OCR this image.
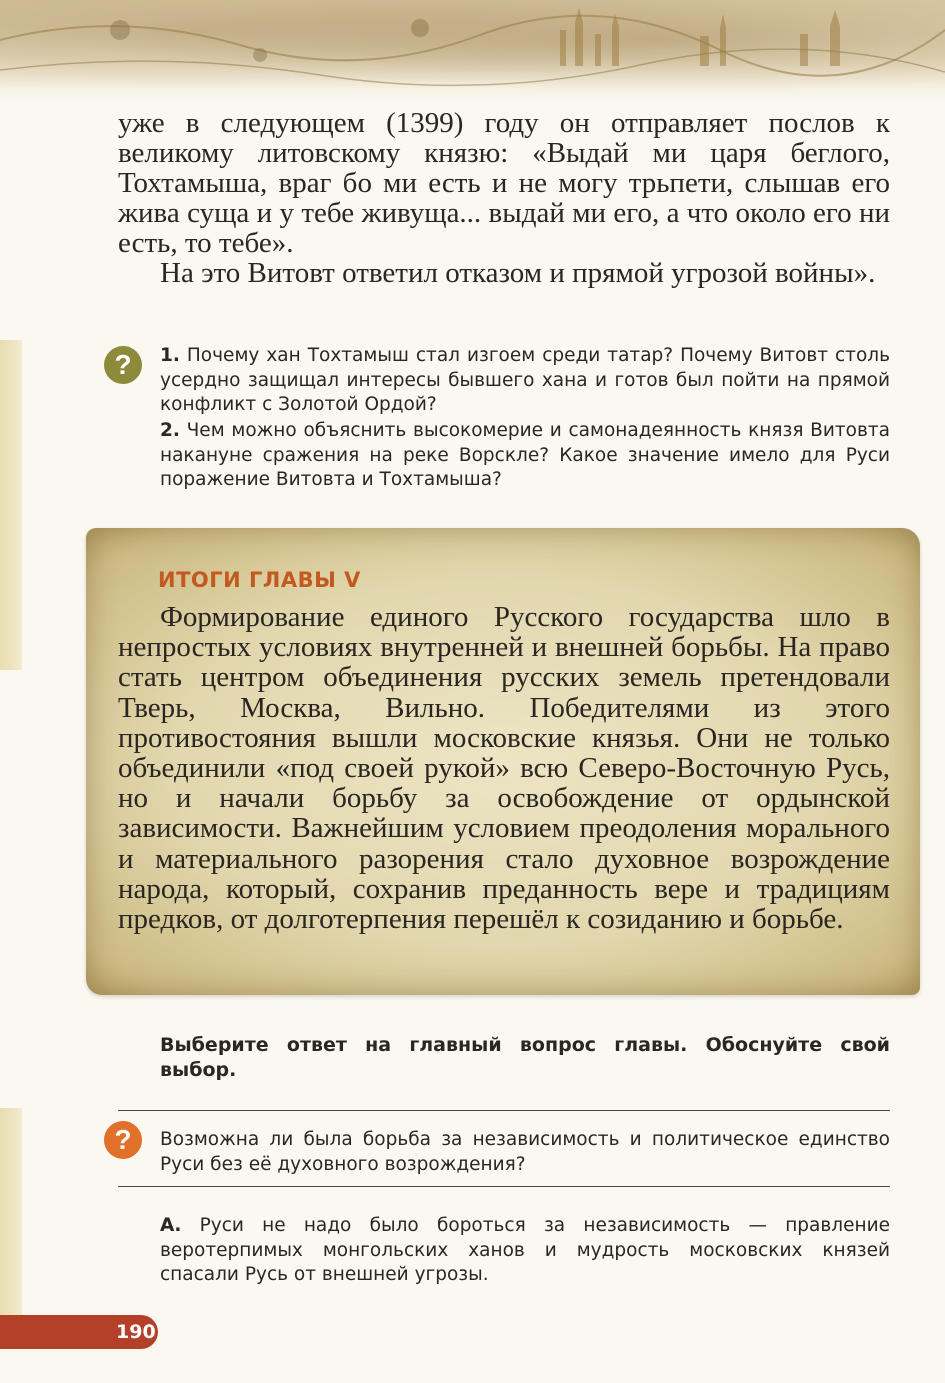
уже в следующем (1399) году он отправляет послов к великому литовскому князю: «Выдай ми царя беглого, Тохтамыша, враг бо ми есть и не могу трьпети, слышав его жива суща и у тебе живуща... выдай ми его, а что около его ни есть, то тебе».
На это Витовт ответил отказом и прямой угрозой войны».
?	1. Почему хан Тохтамыш стал изгоем среди татар? Почему Витовт столь усердно защищал интересы бывшего хана и готов был пойти на прямой конфликт с Золотой Ордой?
2. Чем можно объяснить высокомерие и самонадеянность князя Витовта накануне сражения на реке Ворскле? Какое значение имело для Руси поражение Витовта и Тохтамыша?
ИТОГИ ГЛАВЫ V
Формирование единого Русского государства шло в непростых условиях внутренней и внешней борьбы. На право стать центром объединения русских земель претендовали Тверь, Москва, Вильно. Победителями из этого противостояния вышли московские князья. Они не только объединили «под своей рукой» всю Северо-Восточную Русь, но и начали борьбу за освобождение от ордынской зависимости. Важнейшим условием преодоления морального и материального разорения стало духовное возрождение народа, который, сохранив преданность вере и традициям предков, от долготерпения перешёл к созиданию и борьбе.
Выберите ответ на главный вопрос главы. Обоснуйте свой выбор.
?	Возможна ли была борьба за независимость и политическое единство Руси без её духовного возрождения?
А. Руси не надо было бороться за независимость — правление веротерпимых монгольских ханов и мудрость московских князей спасали Русь от внешней угрозы.
190
